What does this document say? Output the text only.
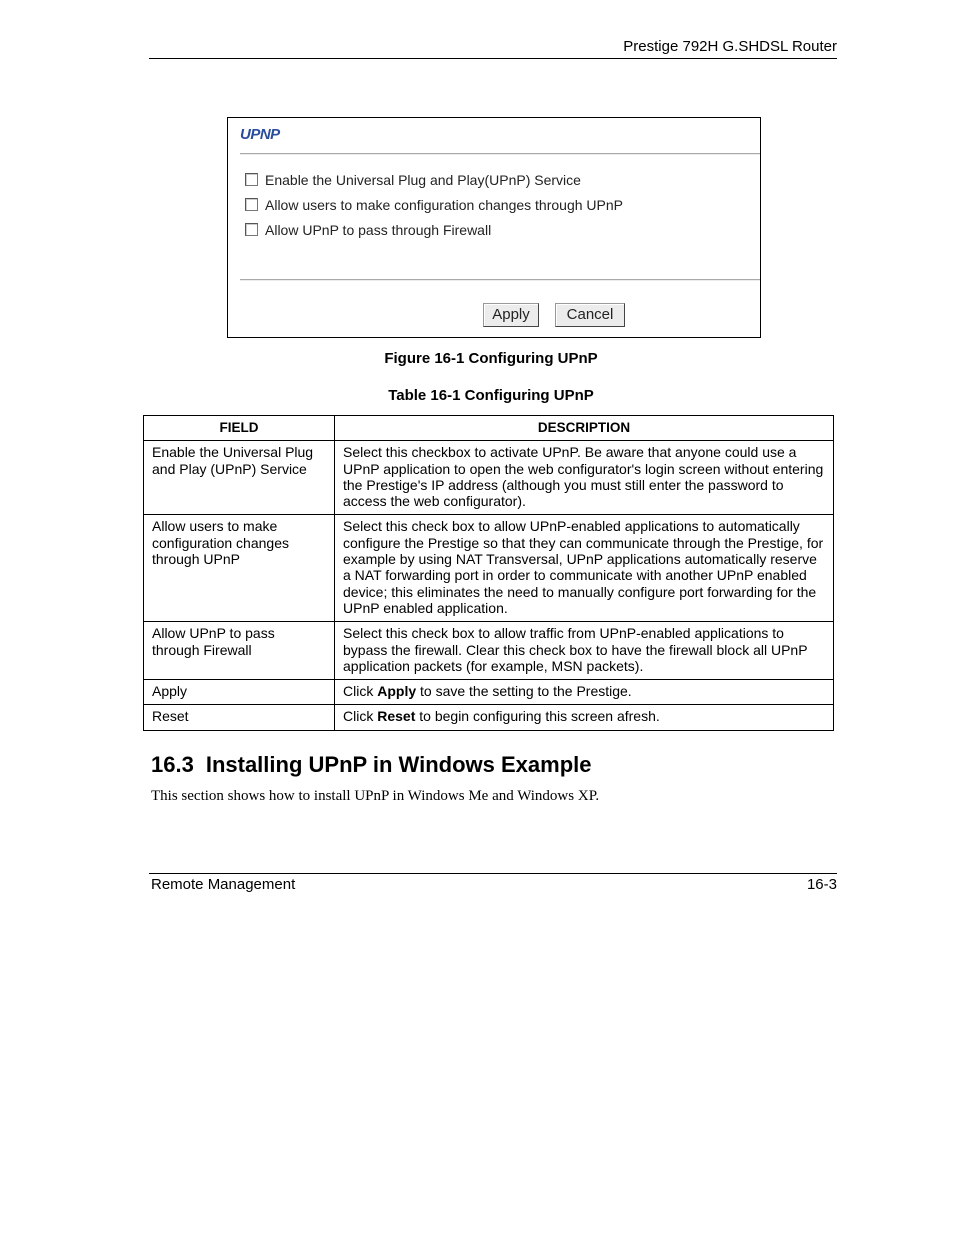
Prestige 792H G.SHDSL Router
UPNP
Enable the Universal Plug and Play(UPnP) Service
Allow users to make configuration changes through UPnP
Allow UPnP to pass through Firewall
Apply	Cancel
Figure 16-1 Configuring UPnP
Table 16-1 Configuring UPnP
FIELD	DESCRIPTION
Enable the Universal Plug and Play (UPnP) Service	Select this checkbox to activate UPnP. Be aware that anyone could use a UPnP application to open the web configurator's login screen without entering the Prestige's IP address (although you must still enter the password to access the web configurator).
Allow users to make configuration changes through UPnP	Select this check box to allow UPnP-enabled applications to automatically configure the Prestige so that they can communicate through the Prestige, for example by using NAT Transversal, UPnP applications automatically reserve a NAT forwarding port in order to communicate with another UPnP enabled device; this eliminates the need to manually configure port forwarding for the UPnP enabled application.
Allow UPnP to pass through Firewall	Select this check box to allow traffic from UPnP-enabled applications to bypass the firewall. Clear this check box to have the firewall block all UPnP application packets (for example, MSN packets).
Apply	Click Apply to save the setting to the Prestige.
Reset	Click Reset to begin configuring this screen afresh.
16.3 Installing UPnP in Windows Example
This section shows how to install UPnP in Windows Me and Windows XP.
Remote Management	16-3
